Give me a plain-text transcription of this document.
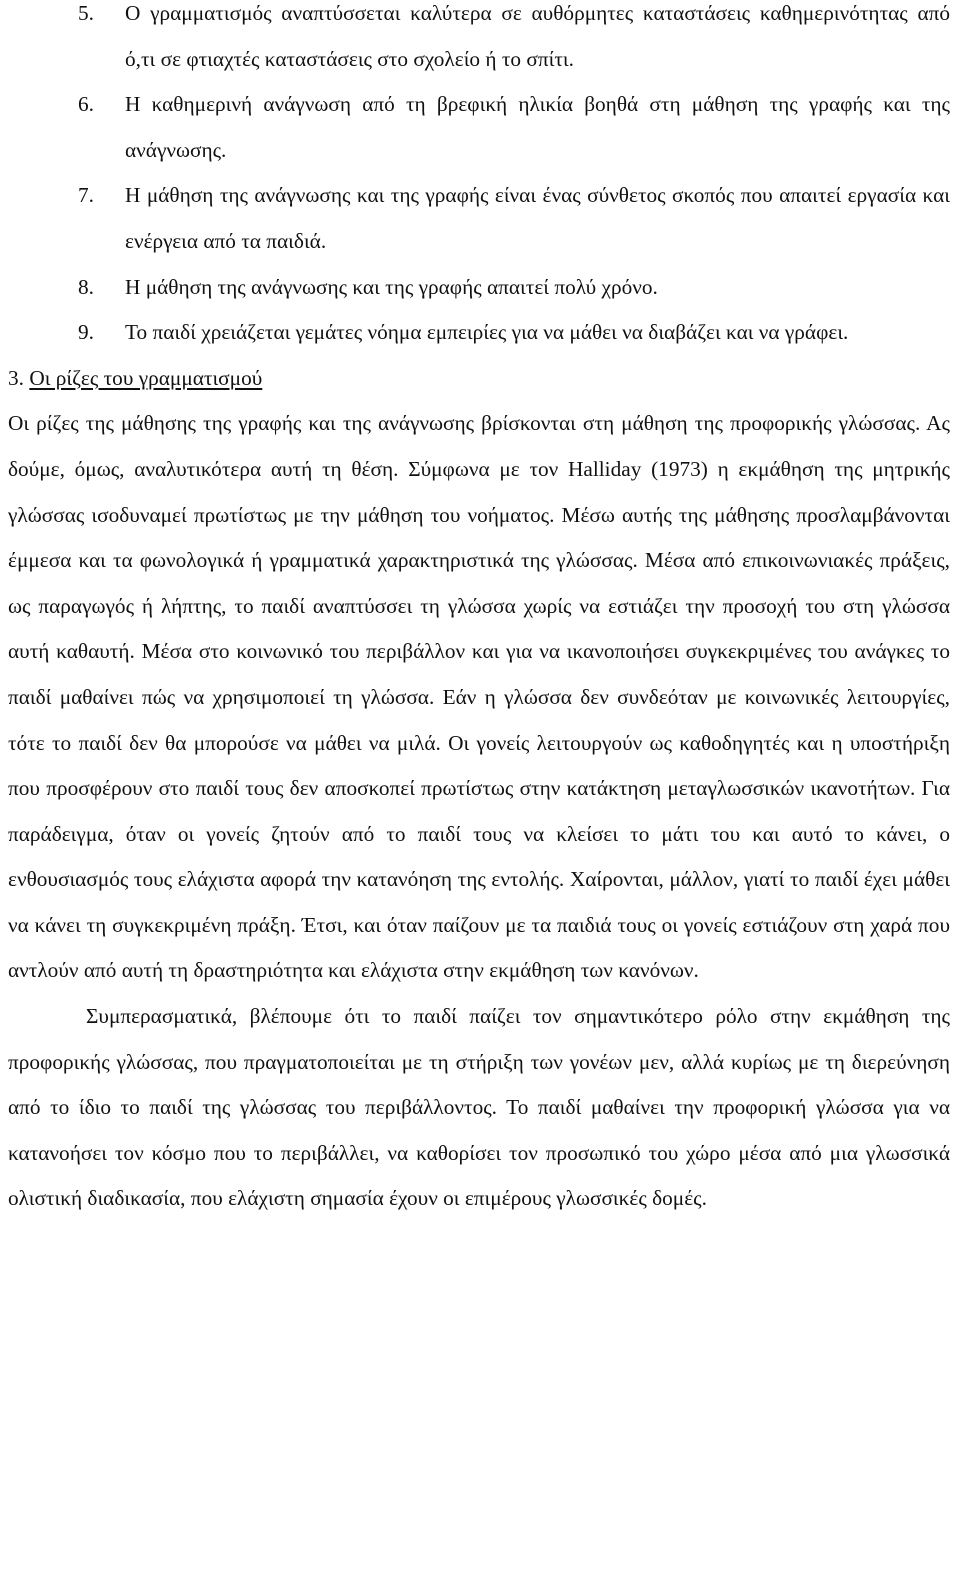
5. Ο γραμματισμός αναπτύσσεται καλύτερα σε αυθόρμητες καταστάσεις καθημερινότητας από ό,τι σε φτιαχτές καταστάσεις στο σχολείο ή το σπίτι.
6. Η καθημερινή ανάγνωση από τη βρεφική ηλικία βοηθά στη μάθηση της γραφής και της ανάγνωσης.
7. Η μάθηση της ανάγνωσης και της γραφής είναι ένας σύνθετος σκοπός που απαιτεί εργασία και ενέργεια από τα παιδιά.
8. Η μάθηση της ανάγνωσης και της γραφής απαιτεί πολύ χρόνο.
9. Το παιδί χρειάζεται γεμάτες νόημα εμπειρίες για να μάθει να διαβάζει και να γράφει.
3. Οι ρίζες του γραμματισμού

Οι ρίζες της μάθησης της γραφής και της ανάγνωσης βρίσκονται στη μάθηση της προφορικής γλώσσας. Ας δούμε, όμως, αναλυτικότερα αυτή τη θέση. Σύμφωνα με τον Halliday (1973) η εκμάθηση της μητρικής γλώσσας ισοδυναμεί πρωτίστως με την μάθηση του νοήματος. Μέσω αυτής της μάθησης προσλαμβάνονται έμμεσα και τα φωνολογικά ή γραμματικά χαρακτηριστικά της γλώσσας. Μέσα από επικοινωνιακές πράξεις, ως παραγωγός ή λήπτης, το παιδί αναπτύσσει τη γλώσσα χωρίς να εστιάζει την προσοχή του στη γλώσσα αυτή καθαυτή. Μέσα στο κοινωνικό του περιβάλλον και για να ικανοποιήσει συγκεκριμένες του ανάγκες το παιδί μαθαίνει πώς να χρησιμοποιεί τη γλώσσα. Εάν η γλώσσα δεν συνδεόταν με κοινωνικές λειτουργίες, τότε το παιδί δεν θα μπορούσε να μάθει να μιλά. Οι γονείς λειτουργούν ως καθοδηγητές και η υποστήριξη που προσφέρουν στο παιδί τους δεν αποσκοπεί πρωτίστως στην κατάκτηση μεταγλωσσικών ικανοτήτων. Για παράδειγμα, όταν οι γονείς ζητούν από το παιδί τους να κλείσει το μάτι του και αυτό το κάνει, ο ενθουσιασμός τους ελάχιστα αφορά την κατανόηση της εντολής. Χαίρονται, μάλλον, γιατί το παιδί έχει μάθει να κάνει τη συγκεκριμένη πράξη. Έτσι, και όταν παίζουν με τα παιδιά τους οι γονείς εστιάζουν στη χαρά που αντλούν από αυτή τη δραστηριότητα και ελάχιστα στην εκμάθηση των κανόνων.

Συμπερασματικά, βλέπουμε ότι το παιδί παίζει τον σημαντικότερο ρόλο στην εκμάθηση της προφορικής γλώσσας, που πραγματοποιείται με τη στήριξη των γονέων μεν, αλλά κυρίως με τη διερεύνηση από το ίδιο το παιδί της γλώσσας του περιβάλλοντος. Το παιδί μαθαίνει την προφορική γλώσσα για να κατανοήσει τον κόσμο που το περιβάλλει, να καθορίσει τον προσωπικό του χώρο μέσα από μια γλωσσικά ολιστική διαδικασία, που ελάχιστη σημασία έχουν οι επιμέρους γλωσσικές δομές.
